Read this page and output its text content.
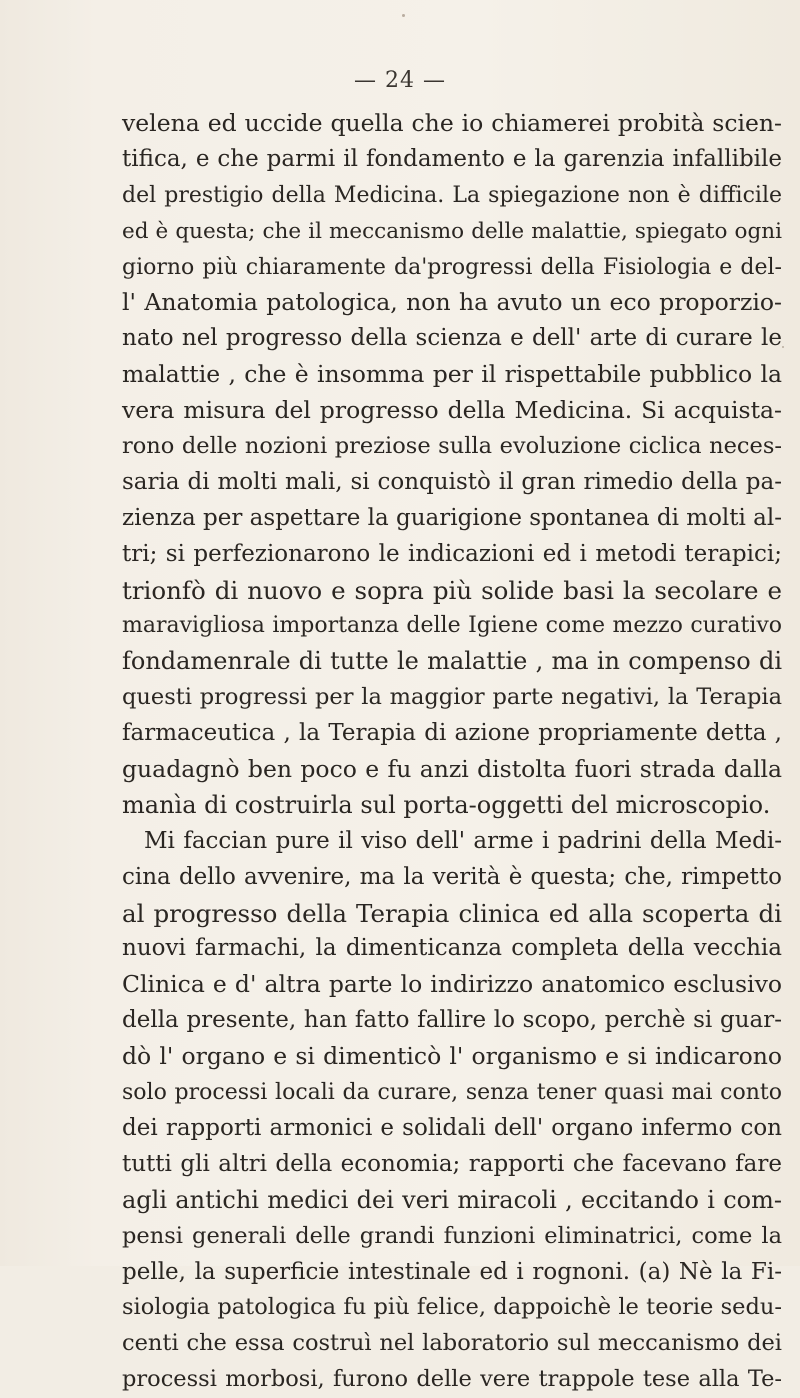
— 24 —
velena ed uccide quella che io chiamerei probità scien-
tifica, e che parmi il fondamento e la garenzia infallibile
del prestigio della Medicina. La spiegazione non è difficile
ed è questa; che il meccanismo delle malattie, spiegato ogni
giorno più chiaramente da'progressi della Fisiologia e del-
l' Anatomia patologica, non ha avuto un eco proporzio-
nato nel progresso della scienza e dell' arte di curare le
malattie , che è insomma per il rispettabile pubblico la
vera misura del progresso della Medicina. Si acquista-
rono delle nozioni preziose sulla evoluzione ciclica neces-
saria di molti mali, si conquistò il gran rimedio della pa-
zienza per aspettare la guarigione spontanea di molti al-
tri; si perfezionarono le indicazioni ed i metodi terapici;
trionfò di nuovo e sopra più solide basi la secolare e
maravigliosa importanza delle Igiene come mezzo curativo
fondamenrale di tutte le malattie , ma in compenso di
questi progressi per la maggior parte negativi, la Terapia
farmaceutica , la Terapia di azione propriamente detta ,
guadagnò ben poco e fu anzi distolta fuori strada dalla
manìa di costruirla sul porta-oggetti del microscopio.
Mi faccian pure il viso dell' arme i padrini della Medi-
cina dello avvenire, ma la verità è questa; che, rimpetto
al progresso della Terapia clinica ed alla scoperta di
nuovi farmachi, la dimenticanza completa della vecchia
Clinica e d' altra parte lo indirizzo anatomico esclusivo
della presente, han fatto fallire lo scopo, perchè si guar-
dò l' organo e si dimenticò l' organismo e si indicarono
solo processi locali da curare, senza tener quasi mai conto
dei rapporti armonici e solidali dell' organo infermo con
tutti gli altri della economia; rapporti che facevano fare
agli antichi medici dei veri miracoli , eccitando i com-
pensi generali delle grandi funzioni eliminatrici, come la
pelle, la superficie intestinale ed i rognoni. (a) Nè la Fi-
siologia patologica fu più felice, dappoichè le teorie sedu-
centi che essa costruì nel laboratorio sul meccanismo dei
processi morbosi, furono delle vere trappole tese alla Te-
